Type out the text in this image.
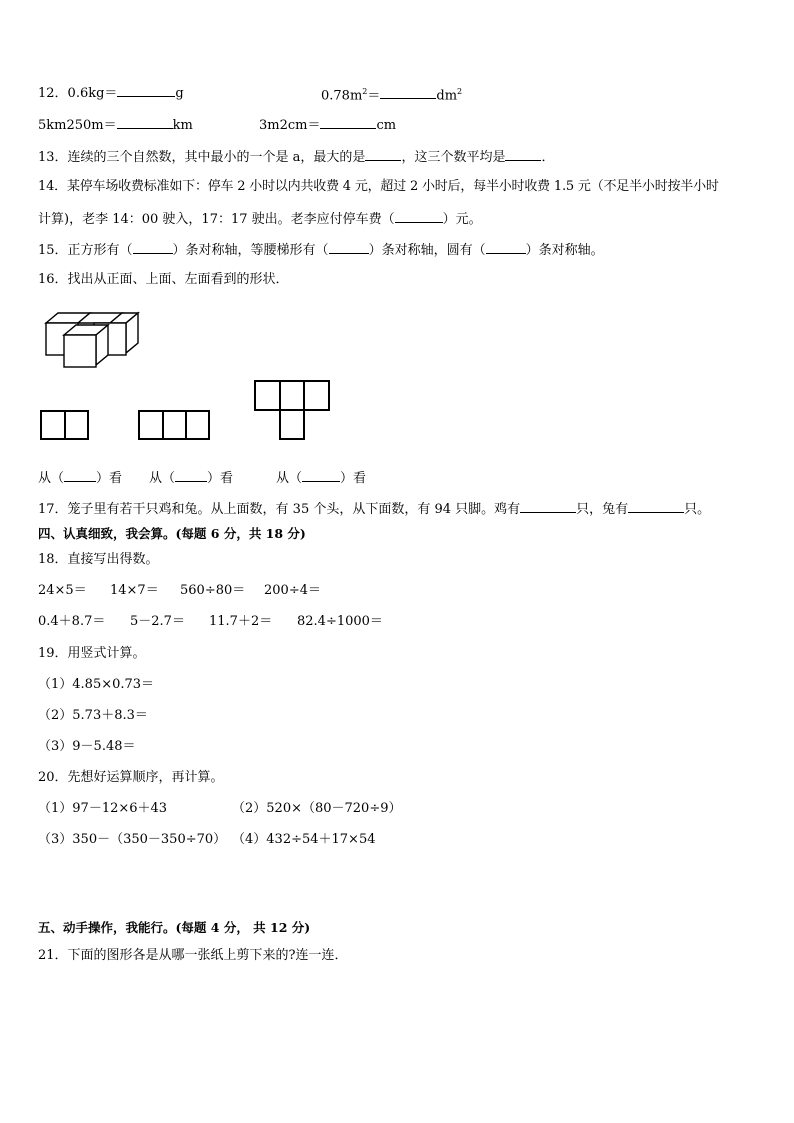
12．0.6kg＝	g	$0.78m^2=$	$dm^2$
5km250m＝	km	3m2cm＝	cm
13．连续的三个自然数，其中最小的一个是 a，最大的是	，这三个数平均是	．
14．某停车场收费标准如下：停车 2 小时以内共收费 4 元，超过 2 小时后，每半小时收费 1.5 元（不足半小时按半小时
计算)，老李 14：00 驶入，17：17 驶出。老李应付停车费（	）元。
15．正方形有（	）条对称轴，等腰梯形有（	）条对称轴，圆有（	）条对称轴。
16．找出从正面、上面、左面看到的形状．
从（ ）看 从（ ）看	从（	）看
17．笼子里有若干只鸡和兔。从上面数，有 35 个头，从下面数，有 94 只脚。鸡有	只，兔有	只。
四、认真细致，我会算。(每题 6 分，共 18 分)
18．直接写出得数。
24×5＝ 14×7＝ 560÷80＝ 200÷4＝
0.4＋8.7＝ 5－2.7＝ 11.7＋2＝ 82.4÷1000＝
19．用竖式计算。
（1）4.85×0.73＝
（2）5.73＋8.3＝
（3）9－5.48＝
20．先想好运算顺序，再计算。
（1）97－12×6＋43	（2）520×（80－720÷9）
（3）350－（350－350÷70） （4）432÷54＋17×54
五、动手操作，我能行。(每题 4 分， 共 12 分)
21．下面的图形各是从哪一张纸上剪下来的?连一连．
